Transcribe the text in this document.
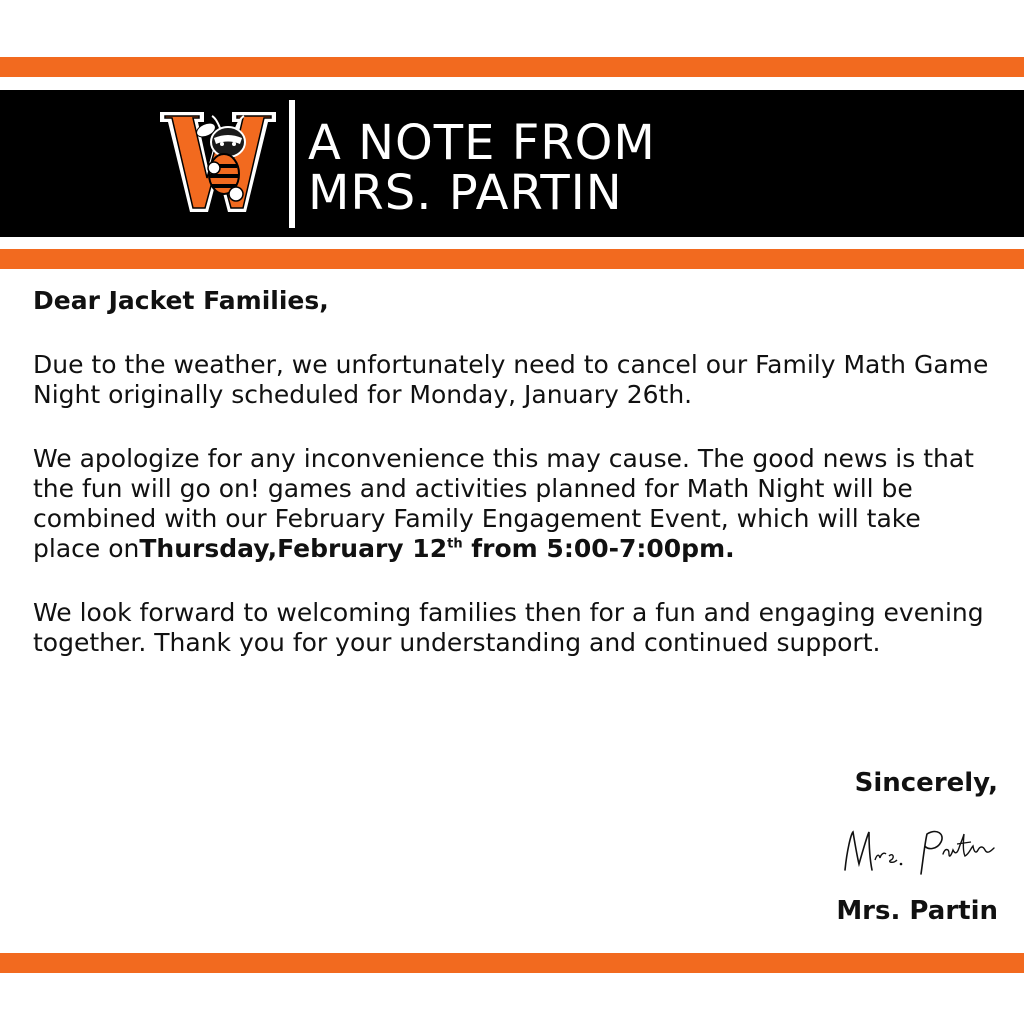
A NOTE FROM
MRS. PARTIN

Dear Jacket Families,

Due to the weather, we unfortunately need to cancel our Family Math Game Night originally scheduled for Monday, January 26th.

We apologize for any inconvenience this may cause. The good news is that the fun will go on! games and activities planned for Math Night will be combined with our February Family Engagement Event, which will take place onThursday,February 12th from 5:00-7:00pm.

We look forward to welcoming families then for a fun and engaging evening together. Thank you for your understanding and continued support.

Sincerely,

Mrs. Partin
